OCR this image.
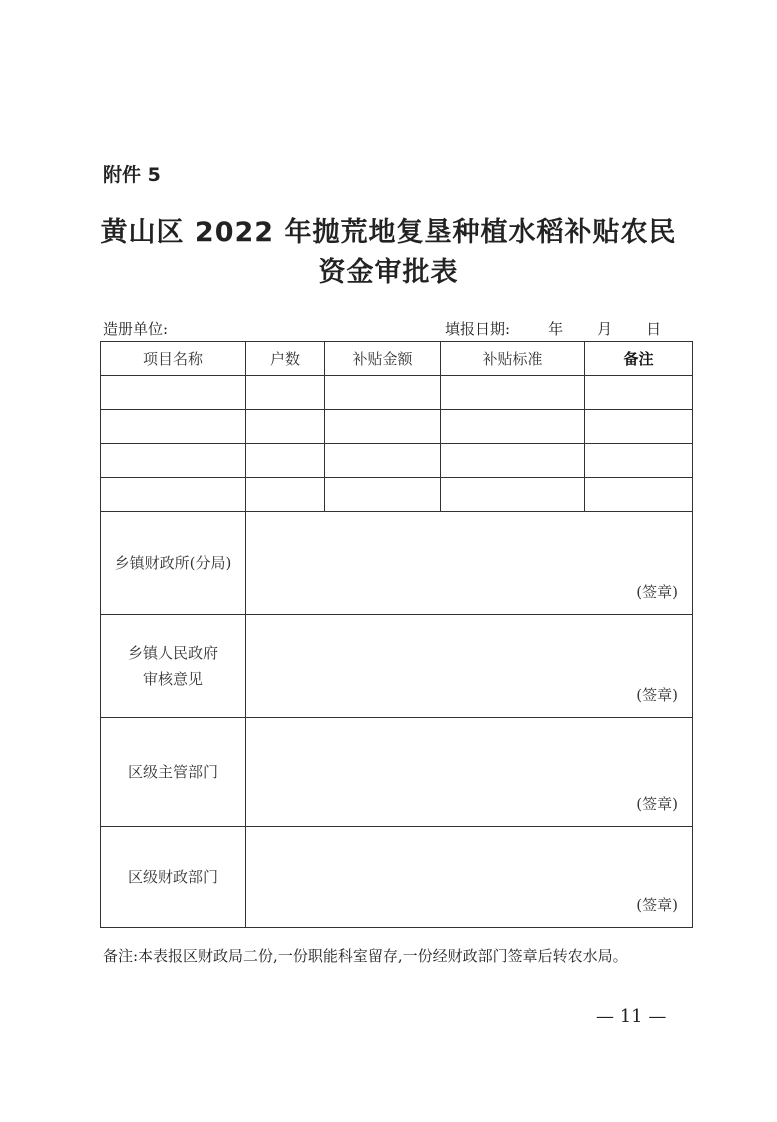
附件 5
黄山区 2022 年抛荒地复垦种植水稻补贴农民
资金审批表
造册单位:	填报日期:	年 月 日
项目名称	户数	补贴金额	补贴标准	备注

乡镇财政所(分局)	(签章)			

乡镇人民政府
审核意见	(签章)			

区级主管部门	(签章)			

区级财政部门	(签章)			
备注:本表报区财政局二份,一份职能科室留存,一份经财政部门签章后转农水局。
— 11 —
